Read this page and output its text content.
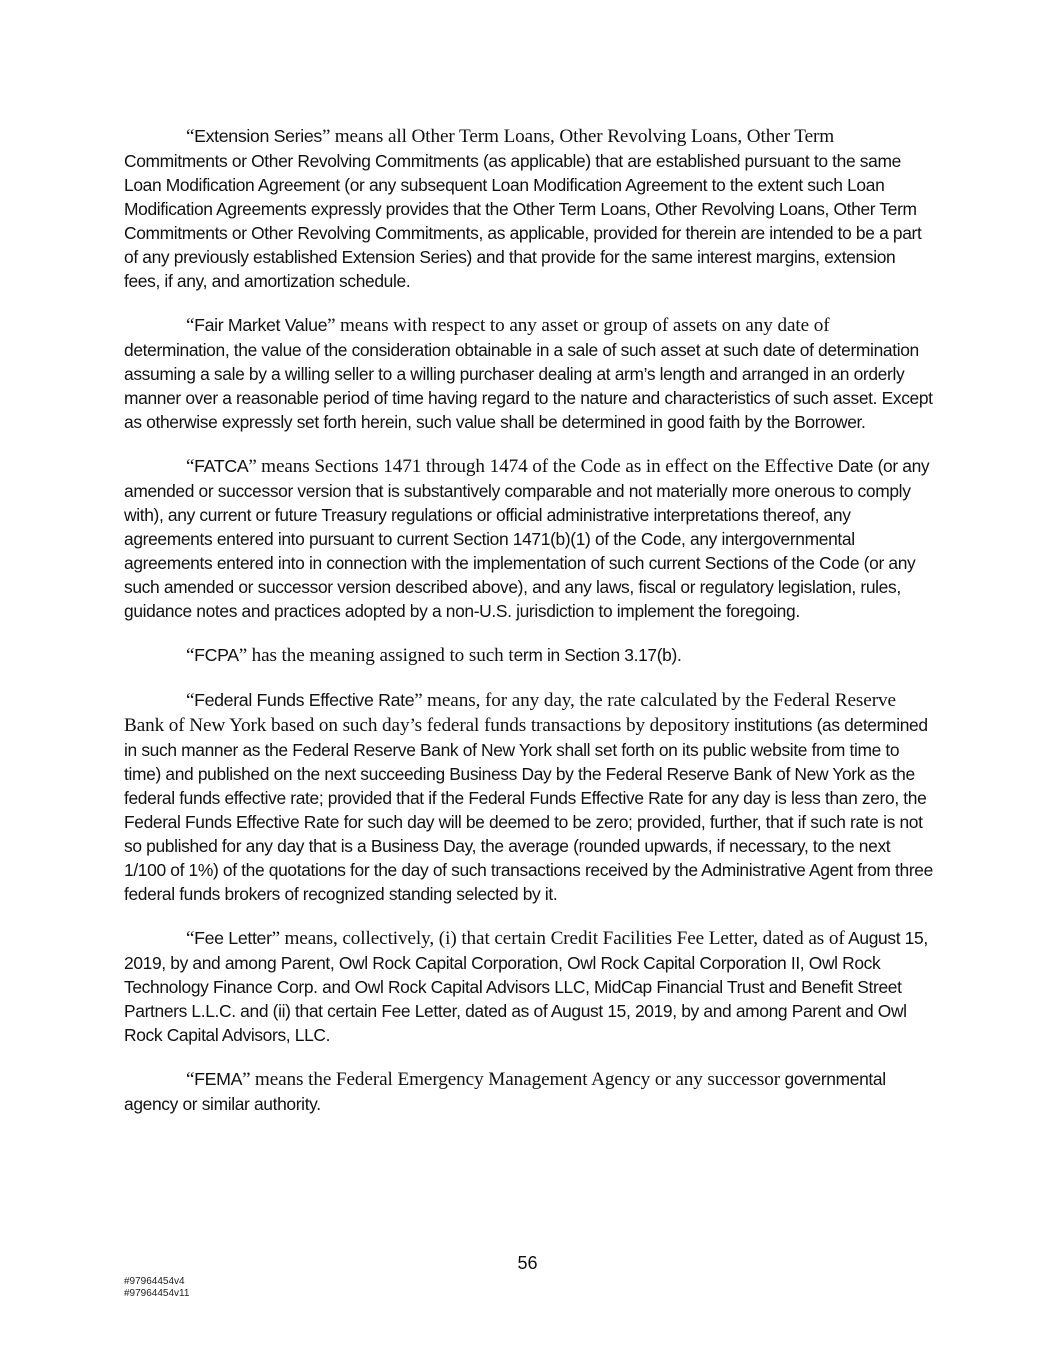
“Extension Series” means all Other Term Loans, Other Revolving Loans, Other Term Commitments or Other Revolving Commitments (as applicable) that are established pursuant to the same Loan Modification Agreement (or any subsequent Loan Modification Agreement to the extent such Loan Modification Agreements expressly provides that the Other Term Loans, Other Revolving Loans, Other Term Commitments or Other Revolving Commitments, as applicable, provided for therein are intended to be a part of any previously established Extension Series) and that provide for the same interest margins, extension fees, if any, and amortization schedule.

“Fair Market Value” means with respect to any asset or group of assets on any date of determination, the value of the consideration obtainable in a sale of such asset at such date of determination assuming a sale by a willing seller to a willing purchaser dealing at arm’s length and arranged in an orderly manner over a reasonable period of time having regard to the nature and characteristics of such asset. Except as otherwise expressly set forth herein, such value shall be determined in good faith by the Borrower.

“FATCA” means Sections 1471 through 1474 of the Code as in effect on the Effective Date (or any amended or successor version that is substantively comparable and not materially more onerous to comply with), any current or future Treasury regulations or official administrative interpretations thereof, any agreements entered into pursuant to current Section 1471(b)(1) of the Code, any intergovernmental agreements entered into in connection with the implementation of such current Sections of the Code (or any such amended or successor version described above), and any laws, fiscal or regulatory legislation, rules, guidance notes and practices adopted by a non-U.S. jurisdiction to implement the foregoing.

“FCPA” has the meaning assigned to such term in Section 3.17(b).

“Federal Funds Effective Rate” means, for any day, the rate calculated by the Federal Reserve Bank of New York based on such day’s federal funds transactions by depository institutions (as determined in such manner as the Federal Reserve Bank of New York shall set forth on its public website from time to time) and published on the next succeeding Business Day by the Federal Reserve Bank of New York as the federal funds effective rate; provided that if the Federal Funds Effective Rate for any day is less than zero, the Federal Funds Effective Rate for such day will be deemed to be zero; provided, further, that if such rate is not so published for any day that is a Business Day, the average (rounded upwards, if necessary, to the next 1/100 of 1%) of the quotations for the day of such transactions received by the Administrative Agent from three federal funds brokers of recognized standing selected by it.

“Fee Letter” means, collectively, (i) that certain Credit Facilities Fee Letter, dated as of August 15, 2019, by and among Parent, Owl Rock Capital Corporation, Owl Rock Capital Corporation II, Owl Rock Technology Finance Corp. and Owl Rock Capital Advisors LLC, MidCap Financial Trust and Benefit Street Partners L.L.C. and (ii) that certain Fee Letter, dated as of August 15, 2019, by and among Parent and Owl Rock Capital Advisors, LLC.

“FEMA” means the Federal Emergency Management Agency or any successor governmental agency or similar authority.

56
#97964454v4
#97964454v11
